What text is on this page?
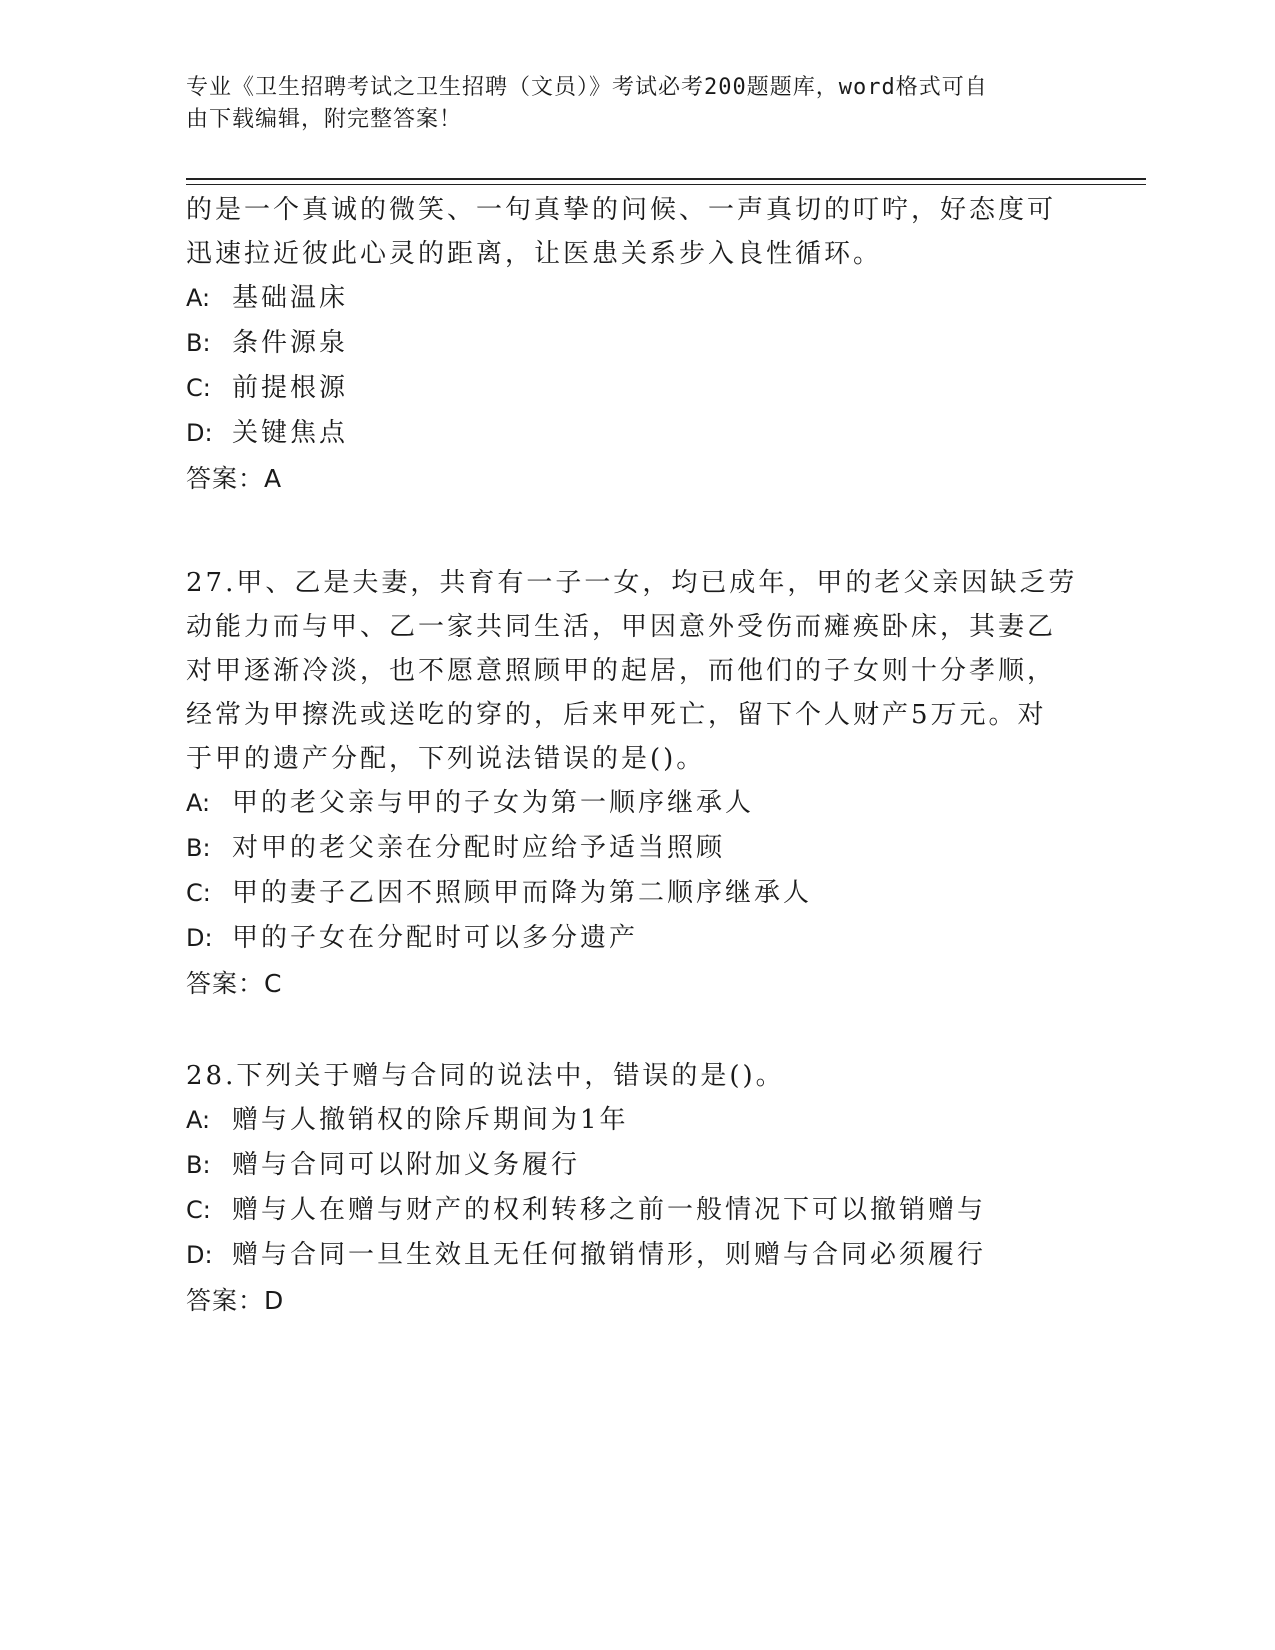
专业《卫生招聘考试之卫生招聘（文员）》考试必考200题题库，word格式可自
由下载编辑，附完整答案！
的是一个真诚的微笑、一句真挚的问候、一声真切的叮咛，好态度可
迅速拉近彼此心灵的距离，让医患关系步入良性循环。
A: 基础温床
B: 条件源泉
C: 前提根源
D: 关键焦点
答案：A
27.甲、乙是夫妻，共育有一子一女，均已成年，甲的老父亲因缺乏劳
动能力而与甲、乙一家共同生活，甲因意外受伤而瘫痪卧床，其妻乙
对甲逐渐冷淡，也不愿意照顾甲的起居，而他们的子女则十分孝顺，
经常为甲擦洗或送吃的穿的，后来甲死亡，留下个人财产5万元。对
于甲的遗产分配，下列说法错误的是()。
A: 甲的老父亲与甲的子女为第一顺序继承人
B: 对甲的老父亲在分配时应给予适当照顾
C: 甲的妻子乙因不照顾甲而降为第二顺序继承人
D: 甲的子女在分配时可以多分遗产
答案：C
28.下列关于赠与合同的说法中，错误的是()。
A: 赠与人撤销权的除斥期间为1年
B: 赠与合同可以附加义务履行
C: 赠与人在赠与财产的权利转移之前一般情况下可以撤销赠与
D: 赠与合同一旦生效且无任何撤销情形，则赠与合同必须履行
答案：D
